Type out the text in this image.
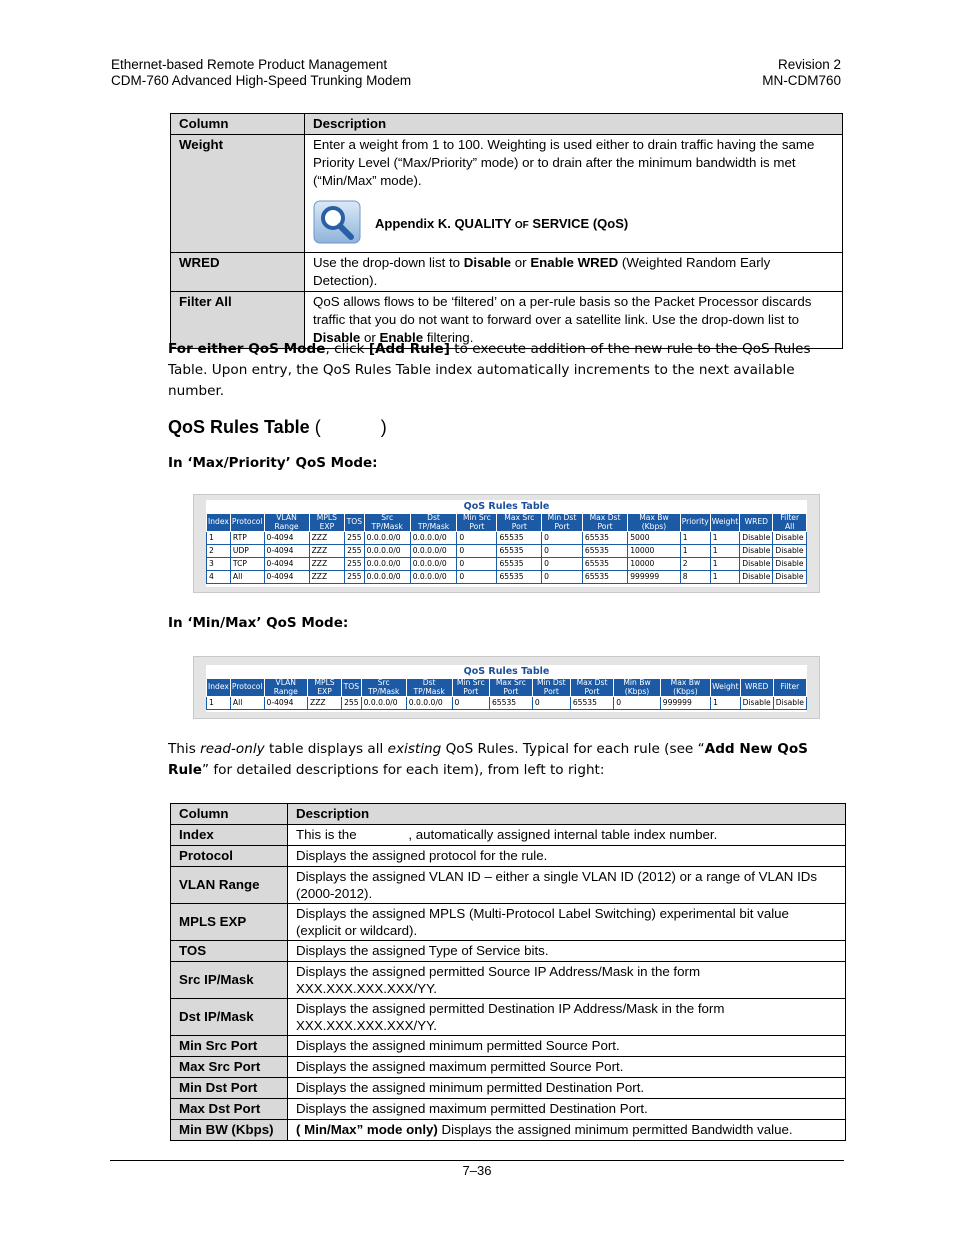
Ethernet-based Remote Product Management
CDM-760 Advanced High-Speed Trunking Modem
Revision 2
MN-CDM760
Column	Description
Weight	Enter a weight from 1 to 100. Weighting is used either to drain traffic having the same Priority Level (“Max/Priority” mode) or to drain after the minimum bandwidth is met (“Min/Max” mode).
Appendix K. QUALITY OF SERVICE (QoS)

WRED	Use the drop-down list to Disable or Enable WRED (Weighted Random Early Detection).
Filter All	QoS allows flows to be ‘filtered’ on a per-rule basis so the Packet Processor discards traffic that you do not want to forward over a satellite link. Use the drop-down list to Disable or Enable filtering.
For either QoS Mode, click [Add Rule] to execute addition of the new rule to the QoS Rules Table. Upon entry, the QoS Rules Table index automatically increments to the next available number.
QoS Rules Table (            )
In ‘Max/Priority’ QoS Mode:
QoS Rules Table
Index	Protocol	VLAN Range	MPLS EXP	TOS	Src TP/Mask	Dst TP/Mask	Min Src Port	Max Src Port	Min Dst Port	Max Dst Port	Max Bw (Kbps)	Priority	Weight	WRED	Filter All
1	RTP	0-4094	ZZZ	255	0.0.0.0/0	0.0.0.0/0	0	65535	0	65535	5000	1	1	Disable	Disable
2	UDP	0-4094	ZZZ	255	0.0.0.0/0	0.0.0.0/0	0	65535	0	65535	10000	1	1	Disable	Disable
3	TCP	0-4094	ZZZ	255	0.0.0.0/0	0.0.0.0/0	0	65535	0	65535	10000	2	1	Disable	Disable
4	All	0-4094	ZZZ	255	0.0.0.0/0	0.0.0.0/0	0	65535	0	65535	999999	8	1	Disable	Disable
In ‘Min/Max’ QoS Mode:
QoS Rules Table
Index	Protocol	VLAN Range	MPLS EXP	TOS	Src TP/Mask	Dst TP/Mask	Min Src Port	Max Src Port	Min Dst Port	Max Dst Port	Min Bw (Kbps)	Max Bw (Kbps)	Weight	WRED	Filter
1	All	0-4094	ZZZ	255	0.0.0.0/0	0.0.0.0/0	0	65535	0	65535	0	999999	1	Disable	Disable
This read-only table displays all existing QoS Rules. Typical for each rule (see “Add New QoS Rule” for detailed descriptions for each item), from left to right:
Column	Description
Index	This is the              , automatically assigned internal table index number.
Protocol	Displays the assigned protocol for the rule.
VLAN Range	Displays the assigned VLAN ID – either a single VLAN ID (2012) or a range of VLAN IDs (2000-2012).
MPLS EXP	Displays the assigned MPLS (Multi-Protocol Label Switching) experimental bit value (explicit or wildcard).
TOS	Displays the assigned Type of Service bits.
Src IP/Mask	Displays the assigned permitted Source IP Address/Mask in the form XXX.XXX.XXX.XXX/YY.
Dst IP/Mask	Displays the assigned permitted Destination IP Address/Mask in the form XXX.XXX.XXX.XXX/YY.
Min Src Port	Displays the assigned minimum permitted Source Port.
Max Src Port	Displays the assigned maximum permitted Source Port.
Min Dst Port	Displays the assigned minimum permitted Destination Port.
Max Dst Port	Displays the assigned maximum permitted Destination Port.
Min BW (Kbps)	( Min/Max” mode only) Displays the assigned minimum permitted Bandwidth value.
7–36
